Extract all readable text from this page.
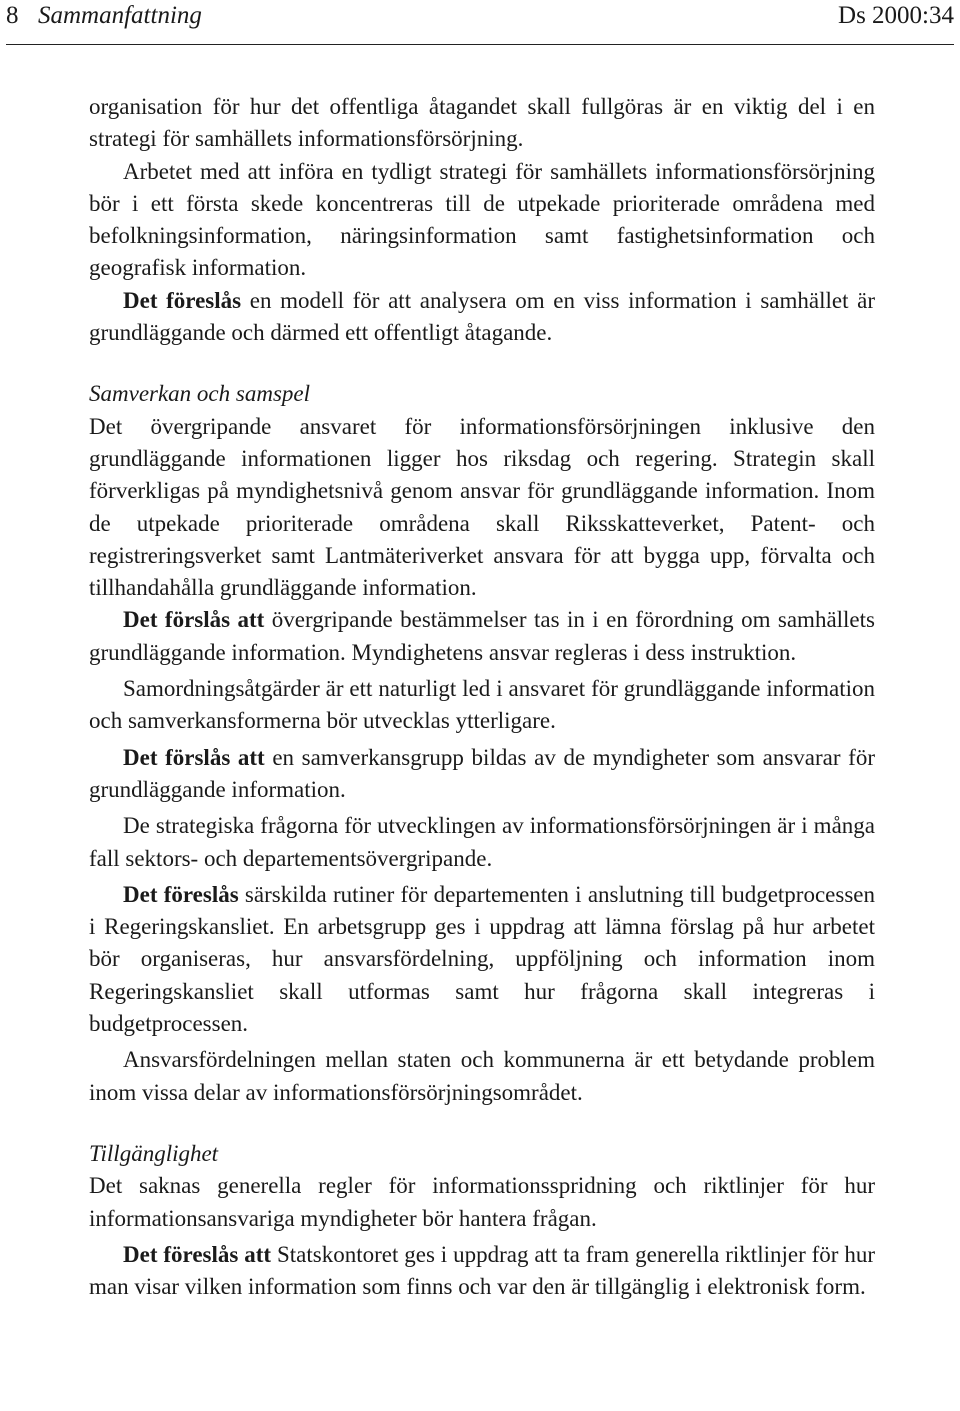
8 Sammanfattning	Ds 2000:34

organisation för hur det offentliga åtagandet skall fullgöras är en viktig del i en strategi för samhällets informationsförsörjning.

Arbetet med att införa en tydligt strategi för samhällets informationsförsörjning bör i ett första skede koncentreras till de utpekade prioriterade områdena med befolkningsinformation, näringsinformation samt fastighetsinformation och geografisk information.

Det föreslås en modell för att analysera om en viss information i samhället är grundläggande och därmed ett offentligt åtagande.

Samverkan och samspel

Det övergripande ansvaret för informationsförsörjningen inklusive den grundläggande informationen ligger hos riksdag och regering. Strategin skall förverkligas på myndighetsnivå genom ansvar för grundläggande information. Inom de utpekade prioriterade områdena skall Riksskatteverket, Patent- och registreringsverket samt Lantmäteriverket ansvara för att bygga upp, förvalta och tillhandahålla grundläggande information.

Det förslås att övergripande bestämmelser tas in i en förordning om samhällets grundläggande information. Myndighetens ansvar regleras i dess instruktion.

Samordningsåtgärder är ett naturligt led i ansvaret för grundläggande information och samverkansformerna bör utvecklas ytterligare.

Det förslås att en samverkansgrupp bildas av de myndigheter som ansvarar för grundläggande information.

De strategiska frågorna för utvecklingen av informationsförsörjningen är i många fall sektors- och departementsövergripande.

Det föreslås särskilda rutiner för departementen i anslutning till budgetprocessen i Regeringskansliet. En arbetsgrupp ges i uppdrag att lämna förslag på hur arbetet bör organiseras, hur ansvarsfördelning, uppföljning och information inom Regeringskansliet skall utformas samt hur frågorna skall integreras i budgetprocessen.

Ansvarsfördelningen mellan staten och kommunerna är ett betydande problem inom vissa delar av informationsförsörjningsområdet.

Tillgänglighet

Det saknas generella regler för informationsspridning och riktlinjer för hur informationsansvariga myndigheter bör hantera frågan.

Det föreslås att Statskontoret ges i uppdrag att ta fram generella riktlinjer för hur man visar vilken information som finns och var den är tillgänglig i elektronisk form.
